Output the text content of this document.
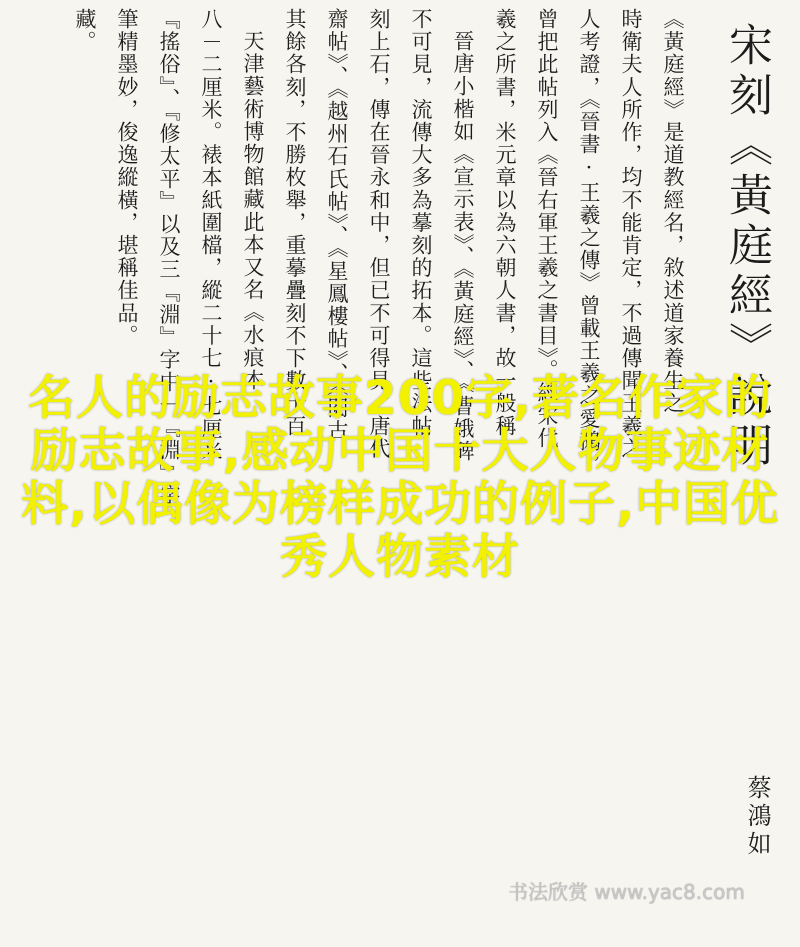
宋刻《黃庭經》說明
《黃庭經》是道教經名，敘述道家養生之
時衛夫人所作，均不能肯定，不過傳聞王羲之
人考證，《晉書·王羲之傳》曾載王羲之愛鵝，
曾把此帖列入《晉右軍王羲之書目》。經宋代
羲之所書，米元章以為六朝人書，故一般稱
晉唐小楷如《宣示表》、《黃庭經》、《曹娥碑
不可見，流傳大多為摹刻的拓本。這些法帖
刻上石，傳在晉永和中，但已不可得見。唐代
齋帖》、《越州石氏帖》、《星鳳樓帖》、《閱古
其餘各刻，不勝枚舉，重摹疊刻不下數十百
天津藝術博物館藏此本又名《水痕本
八－二厘米。裱本紙圍檔，縱二十七·七厘米
『搖俗』、『修太平』以及三『淵』字中一『淵』字
筆精墨妙，俊逸縱橫，堪稱佳品。
藏。
蔡鴻如
名人的励志故事200字,著名作家的励志故事,感动中国十大人物事迹材料,以偶像为榜样成功的例子,中国优秀人物素材
书法欣赏 www.yac8.com
